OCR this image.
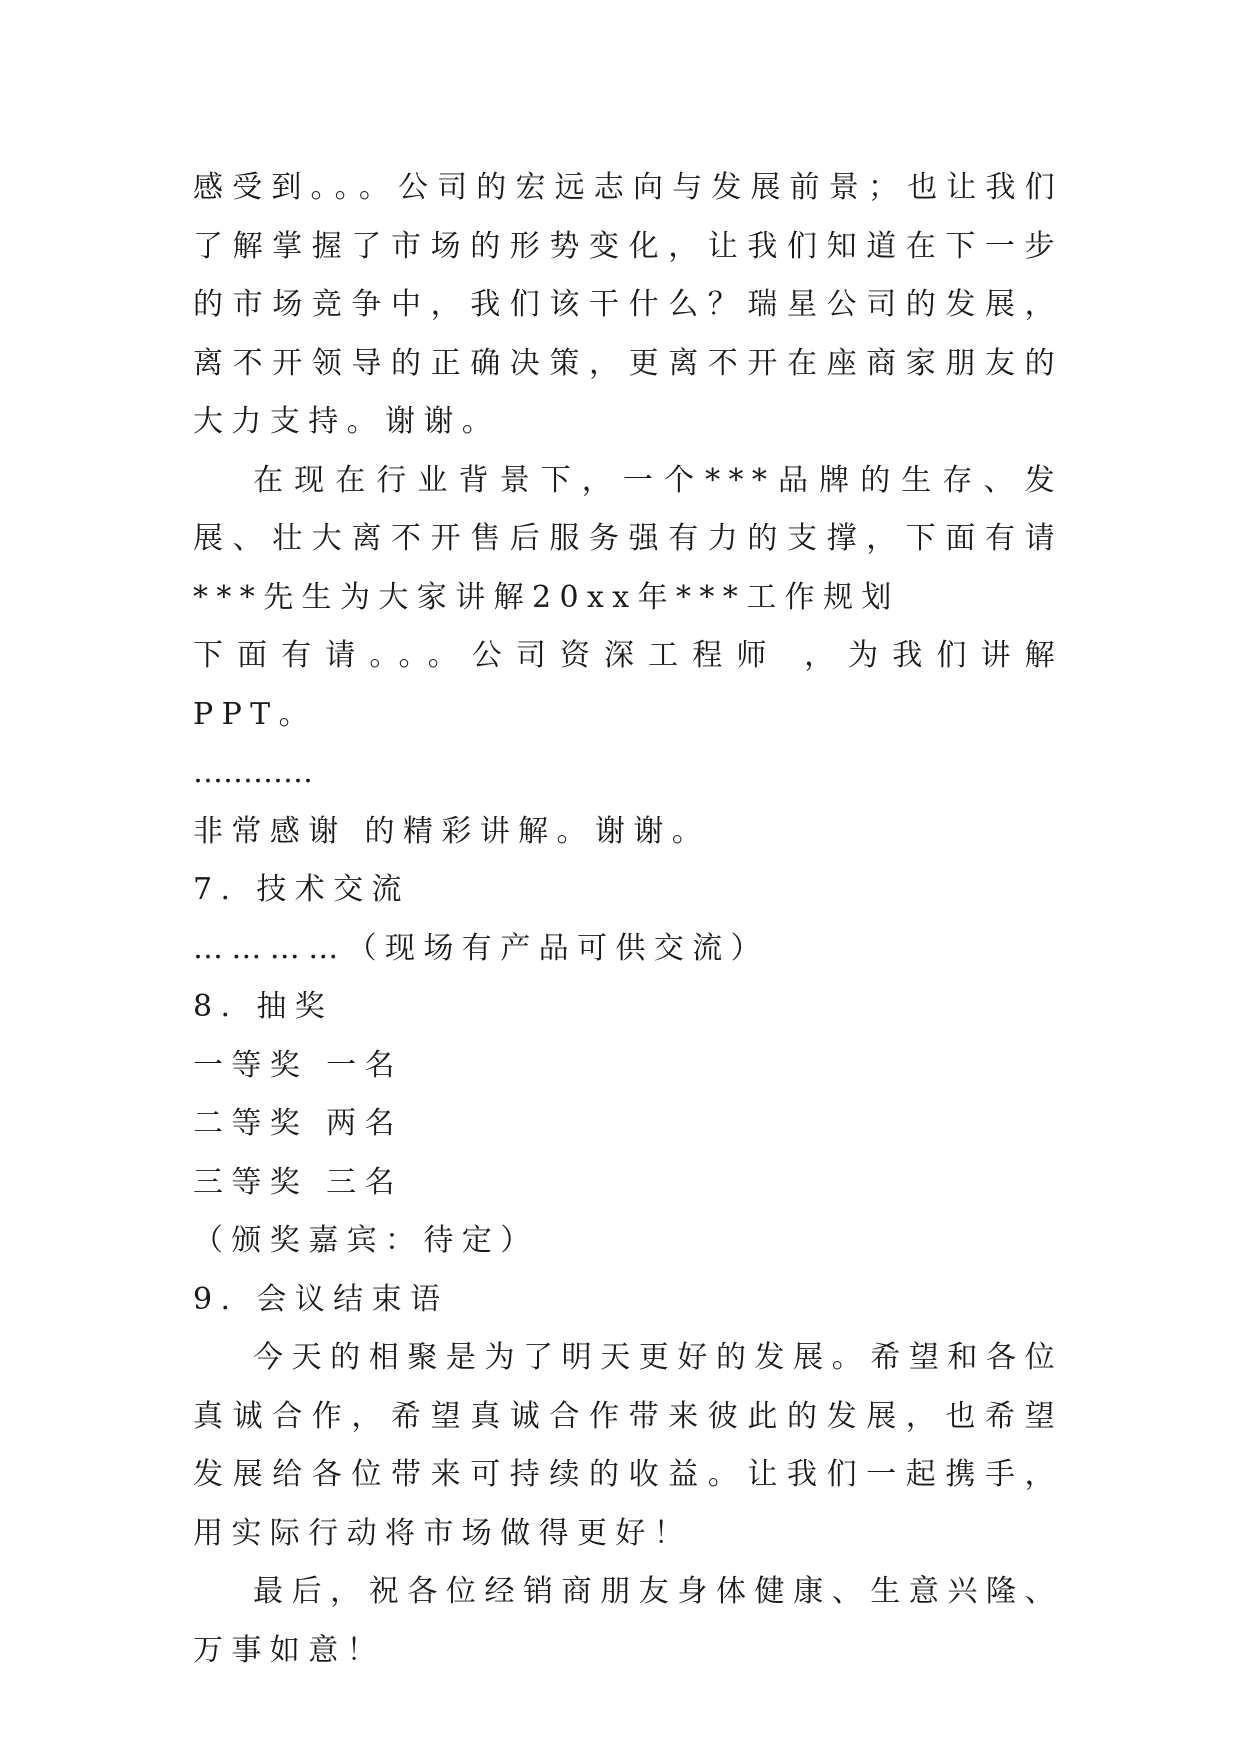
感受到。。。公司的宏远志向与发展前景；也让我们了解掌握了市场的形势变化，让我们知道在下一步的市场竞争中，我们该干什么？瑞星公司的发展，离不开领导的正确决策，更离不开在座商家朋友的大力支持。谢谢。

在现在行业背景下，一个***品牌的生存、发展、壮大离不开售后服务强有力的支撑，下面有请***先生为大家讲解20xx年***工作规划

下面有请。。。公司资深工程师 ，为我们讲解PPT。

…………

非常感谢 的精彩讲解。谢谢。

7. 技术交流

…………（现场有产品可供交流）

8. 抽奖

一等奖 一名

二等奖 两名

三等奖 三名

（颁奖嘉宾：待定）

9. 会议结束语

今天的相聚是为了明天更好的发展。希望和各位真诚合作，希望真诚合作带来彼此的发展，也希望发展给各位带来可持续的收益。让我们一起携手，用实际行动将市场做得更好！

最后，祝各位经销商朋友身体健康、生意兴隆、万事如意！
